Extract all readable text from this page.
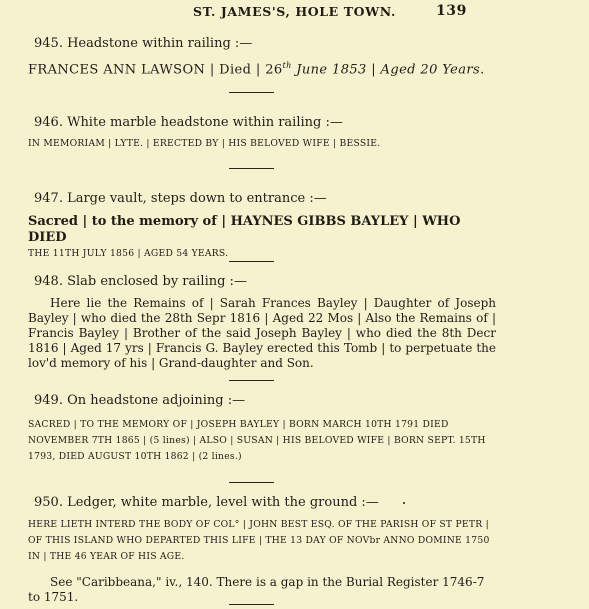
ST. JAMES'S, HOLE TOWN.	139
945. Headstone within railing :—
FRANCES ANN LAWSON | Died | 26th June 1853 | Aged 20 Years.
946. White marble headstone within railing :—
IN MEMORIAM | LYTE. | ERECTED BY | HIS BELOVED WIFE | BESSIE.
947. Large vault, steps down to entrance :—
Sacred | to the memory of | HAYNES GIBBS BAYLEY | WHO DIED
THE 11TH JULY 1856 | AGED 54 YEARS.
948. Slab enclosed by railing :—
Here lie the Remains of | Sarah Frances Bayley | Daughter of Joseph Bayley | who died the 28th Sepr 1816 | Aged 22 Mos | Also the Remains of | Francis Bayley | Brother of the said Joseph Bayley | who died the 8th Decr 1816 | Aged 17 yrs | Francis G. Bayley erected this Tomb | to perpetuate the lov'd memory of his | Grand-daughter and Son.
949. On headstone adjoining :—
SACRED | TO THE MEMORY OF | JOSEPH BAYLEY | BORN MARCH 10TH 1791 DIED NOVEMBER 7TH 1865 | (5 lines) | ALSO | SUSAN | HIS BELOVED WIFE | BORN SEPT. 15TH 1793, DIED AUGUST 10TH 1862 | (2 lines.)
950. Ledger, white marble, level with the ground :—
HERE LIETH INTERD THE BODY OF COL° | JOHN BEST ESQ. OF THE PARISH OF ST PETR | OF THIS ISLAND WHO DEPARTED THIS LIFE | THE 13 DAY OF NOVbr ANNO DOMINE 1750 IN | THE 46 YEAR OF HIS AGE.
See "Caribbeana," iv., 140. There is a gap in the Burial Register 1746-7 to 1751.
